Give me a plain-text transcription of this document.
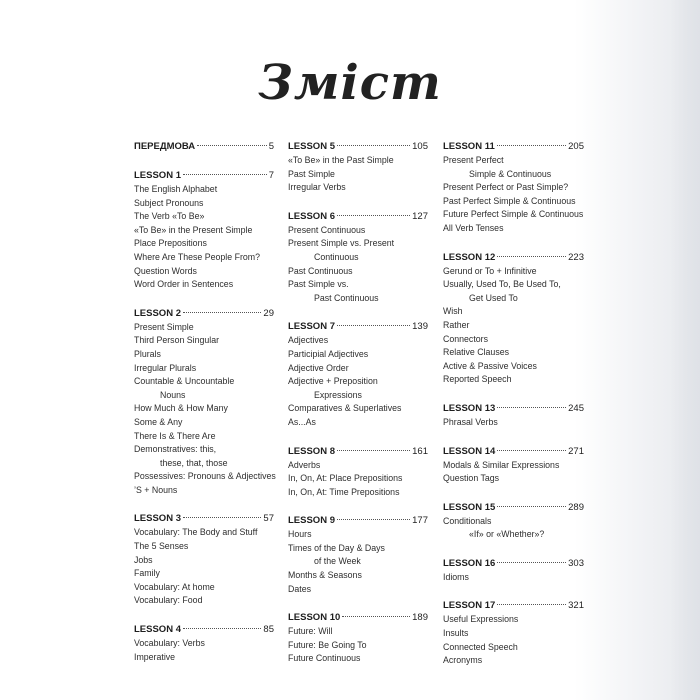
Зміст
ПЕРЕДМОВА	5
LESSON 1	7
The English Alphabet
Subject Pronouns
The Verb «To Be»
«To Be» in the Present Simple
Place Prepositions
Where Are These People From?
Question Words
Word Order in Sentences
LESSON 2	29
Present Simple
Third Person Singular
Plurals
Irregular Plurals
Countable & Uncountable
Nouns
How Much & How Many
Some & Any
There Is & There Are
Demonstratives: this,
these, that, those
Possessives: Pronouns & Adjectives
’S + Nouns
LESSON 3	57
Vocabulary: The Body and Stuff
The 5 Senses
Jobs
Family
Vocabulary: At home
Vocabulary: Food
LESSON 4	85
Vocabulary: Verbs
Imperative
LESSON 5	105
«To Be» in the Past Simple
Past Simple
Irregular Verbs
LESSON 6	127
Present Continuous
Present Simple vs. Present
Continuous
Past Continuous
Past Simple vs.
Past Continuous
LESSON 7	139
Adjectives
Participial Adjectives
Adjective Order
Adjective + Preposition
Expressions
Comparatives & Superlatives
As...As
LESSON 8	161
Adverbs
In, On, At: Place Prepositions
In, On, At: Time Prepositions
LESSON 9	177
Hours
Times of the Day & Days
of the Week
Months & Seasons
Dates
LESSON 10	189
Future: Will
Future: Be Going To
Future Continuous
LESSON 11	205
Present Perfect
Simple & Continuous
Present Perfect or Past Simple?
Past Perfect Simple & Continuous
Future Perfect Simple & Continuous
All Verb Tenses
LESSON 12	223
Gerund or To + Infinitive
Usually, Used To, Be Used To,
Get Used To
Wish
Rather
Connectors
Relative Clauses
Active & Passive Voices
Reported Speech
LESSON 13	245
Phrasal Verbs
LESSON 14	271
Modals & Similar Expressions
Question Tags
LESSON 15	289
Conditionals
«If» or «Whether»?
LESSON 16	303
Idioms
LESSON 17	321
Useful Expressions
Insults
Connected Speech
Acronyms
